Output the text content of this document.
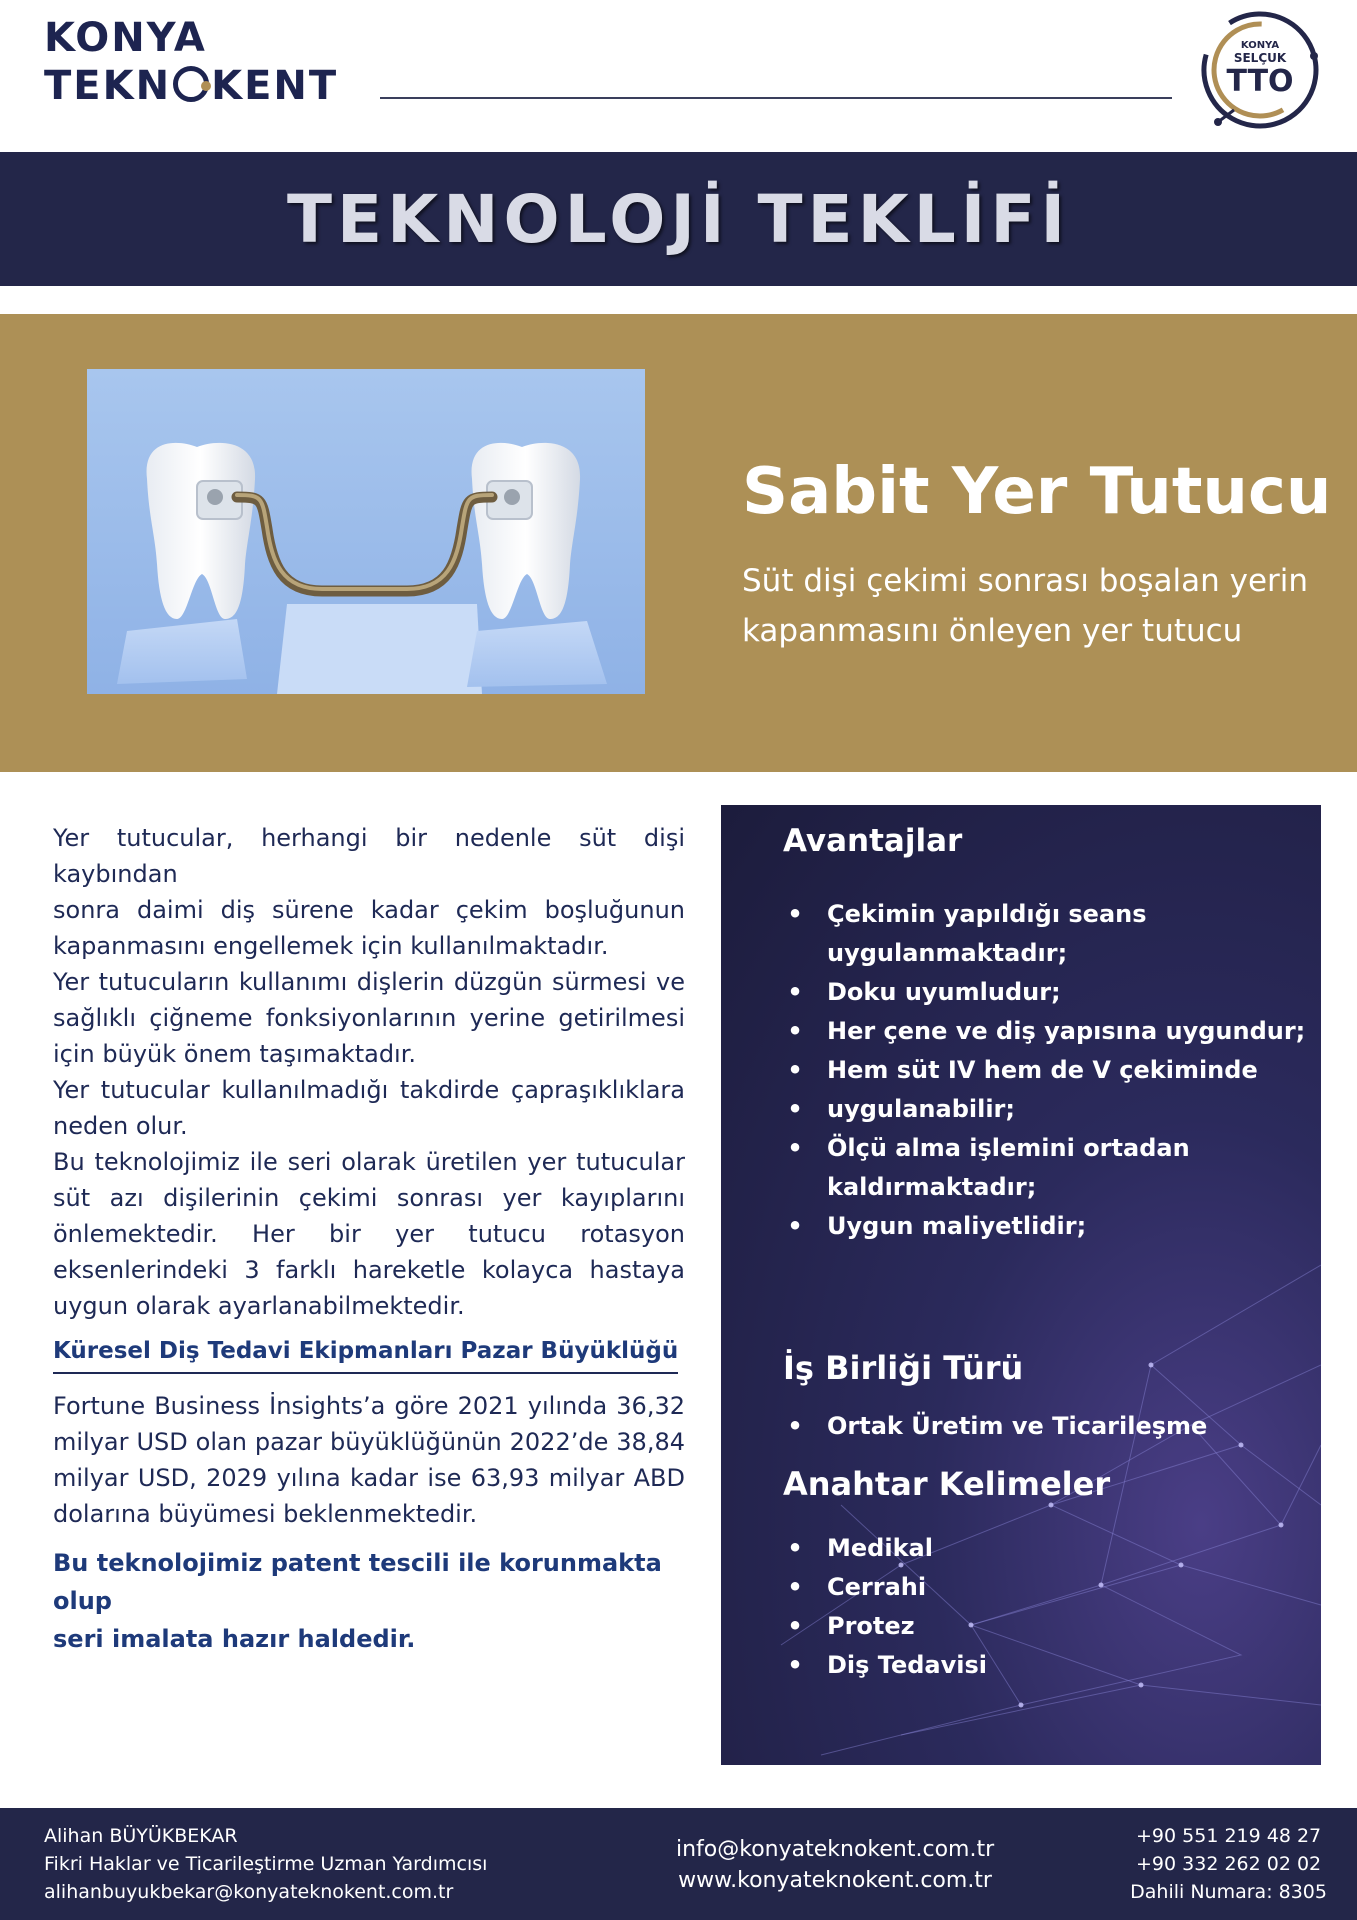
KONYA
TEKN KENT
KONYA
SELÇUK
TTO
TEKNOLOJİ TEKLİFİ
Sabit Yer Tutucu
Süt dişi çekimi sonrası boşalan yerin kapanmasını önleyen yer tutucu
Yer tutucular, herhangi bir nedenle süt dişi kaybından
sonra daimi diş sürene kadar çekim boşluğunun
kapanmasını engellemek için kullanılmaktadır.
Yer tutucuların kullanımı dişlerin düzgün sürmesi ve
sağlıklı çiğneme fonksiyonlarının yerine getirilmesi
için büyük önem taşımaktadır.
Yer tutucular kullanılmadığı takdirde çapraşıklıklara
neden olur.
Bu teknolojimiz ile seri olarak üretilen yer tutucular
süt azı dişilerinin çekimi sonrası yer kayıplarını
önlemektedir. Her bir yer tutucu rotasyon
eksenlerindeki 3 farklı hareketle kolayca hastaya
uygun olarak ayarlanabilmektedir.
Küresel Diş Tedavi Ekipmanları Pazar Büyüklüğü
Fortune Business İnsights’a göre 2021 yılında 36,32
milyar USD olan pazar büyüklüğünün 2022’de 38,84
milyar USD, 2029 yılına kadar ise 63,93 milyar ABD
dolarına büyümesi beklenmektedir.
Bu teknolojimiz patent tescili ile korunmakta olup
seri imalata hazır haldedir.
Avantajlar
• Çekimin yapıldığı seans
uygulanmaktadır;
• Doku uyumludur;
• Her çene ve diş yapısına uygundur;
• Hem süt IV hem de V çekiminde
• uygulanabilir;
• Ölçü alma işlemini ortadan
kaldırmaktadır;
• Uygun maliyetlidir;
İş Birliği Türü
• Ortak Üretim ve Ticarileşme
Anahtar Kelimeler
• Medikal
• Cerrahi
• Protez
• Diş Tedavisi
Alihan BÜYÜKBEKAR
Fikri Haklar ve Ticarileştirme Uzman Yardımcısı
alihanbuyukbekar@konyateknokent.com.tr
info@konyateknokent.com.tr
www.konyateknokent.com.tr
+90 551 219 48 27
+90 332 262 02 02
Dahili Numara: 8305
